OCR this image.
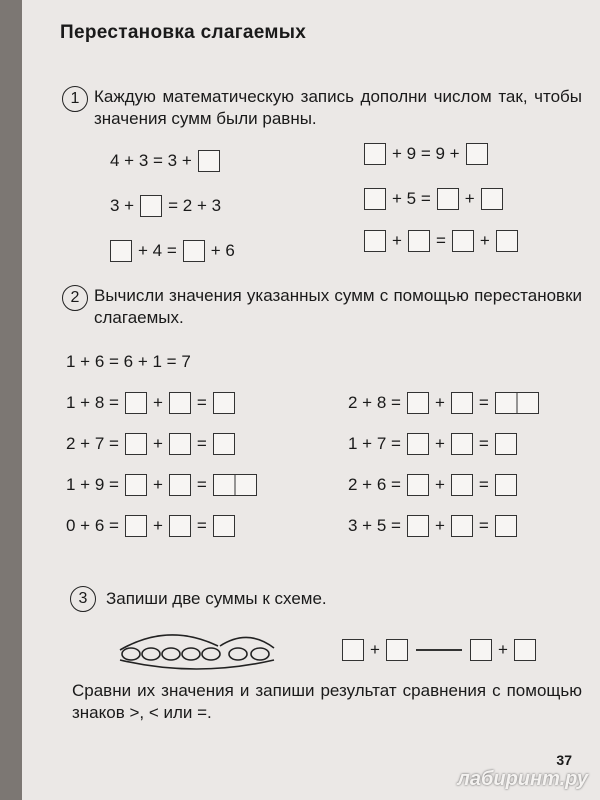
Перестановка слагаемых
1 Каждую математическую запись дополни числом так, чтобы значения сумм были равны.
4 + 3 = 3 +
3 + = 2 + 3
+ 4 = + 6
+ 9 = 9 +
+ 5 = +
+ = +
2 Вычисли значения указанных сумм с помощью перестановки слагаемых.
1 + 6 = 6 + 1 = 7
1 + 8 = + =
2 + 7 = + =
1 + 9 = + =
0 + 6 = + =
2 + 8 = + =
1 + 7 = + =
2 + 6 = + =
3 + 5 = + =
3	Запиши две суммы к схеме.
+	+
Сравни их значения и запиши результат сравнения с помощью знаков >, < или =.
37
лабиринт.ру
